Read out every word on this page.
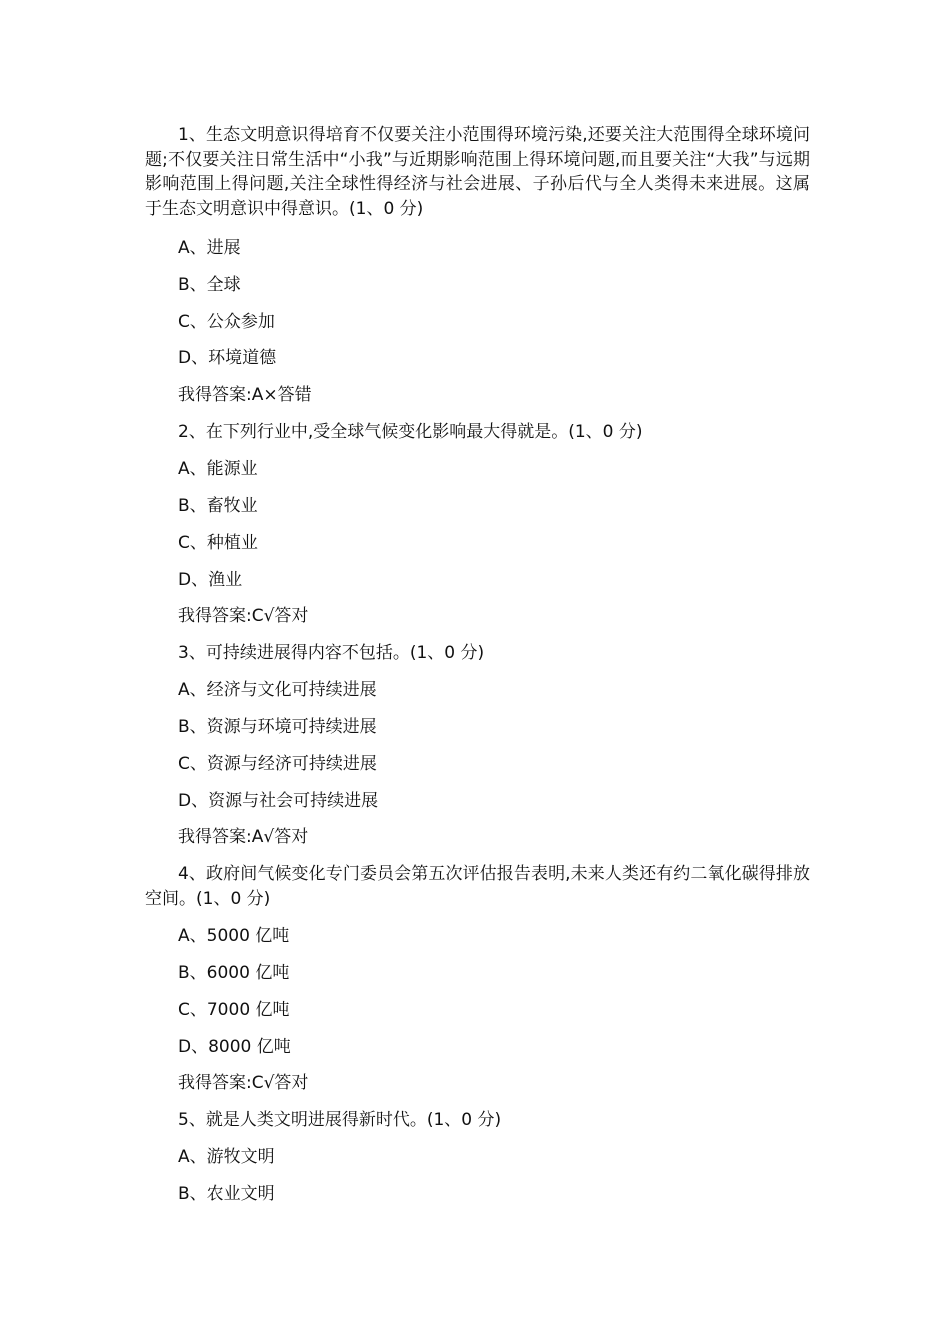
1、生态文明意识得培育不仅要关注小范围得环境污染,还要关注大范围得全球环境问题;不仅要关注日常生活中“小我”与近期影响范围上得环境问题,而且要关注“大我”与远期影响范围上得问题,关注全球性得经济与社会进展、子孙后代与全人类得未来进展。这属于生态文明意识中得意识。(1、0 分)

A、进展

B、全球

C、公众参加

D、环境道德

我得答案:A×答错

2、在下列行业中,受全球气候变化影响最大得就是。(1、0 分)

A、能源业

B、畜牧业

C、种植业

D、渔业

我得答案:C√答对

3、可持续进展得内容不包括。(1、0 分)

A、经济与文化可持续进展

B、资源与环境可持续进展

C、资源与经济可持续进展

D、资源与社会可持续进展

我得答案:A√答对

4、政府间气候变化专门委员会第五次评估报告表明,未来人类还有约二氧化碳得排放空间。(1、0 分)

A、5000 亿吨

B、6000 亿吨

C、7000 亿吨

D、8000 亿吨

我得答案:C√答对

5、就是人类文明进展得新时代。(1、0 分)

A、游牧文明

B、农业文明
